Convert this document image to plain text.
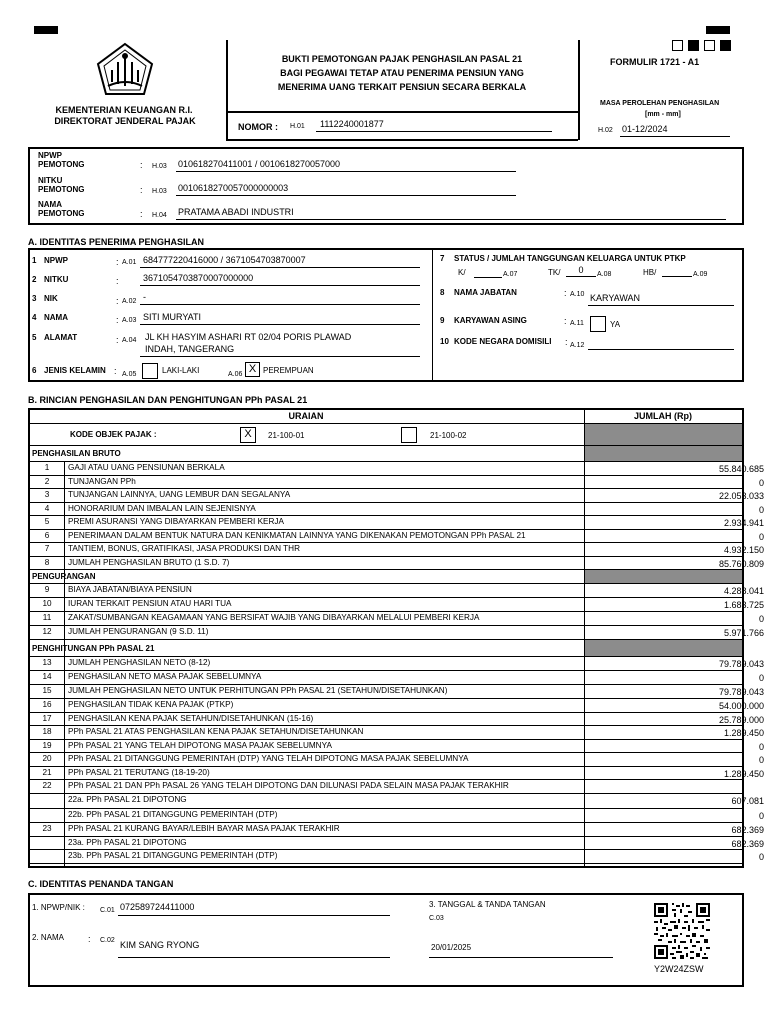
KEMENTERIAN KEUANGAN R.I.
DIREKTORAT JENDERAL PAJAK
BUKTI PEMOTONGAN PAJAK PENGHASILAN PASAL 21
BAGI PEGAWAI TETAP ATAU PENERIMA PENSIUN YANG
MENERIMA UANG TERKAIT PENSIUN SECARA BERKALA
NOMOR : H.01 1112240001877
FORMULIR 1721 - A1
MASA PEROLEHAN PENGHASILAN
[mm - mm]
H.02 01-12/2024
NPWP
PEMOTONG	: H.03 010618270411001 / 0010618270057000
NITKU
PEMOTONG	: H.03 0010618270057000000003
NAMA
PEMOTONG	: H.04 PRATAMA ABADI INDUSTRI
A. IDENTITAS PENERIMA PENGHASILAN
1 NPWP	: A.01 684777220416000 / 3671054703870007
2 NITKU	:	3671054703870007000000
3 NIK	: A.02 -
4 NAMA	: A.03 SITI MURYATI
5 ALAMAT	: A.04 JL KH HASYIM ASHARI RT 02/04 PORIS PLAWAD
INDAH, TANGERANG
6 JENIS KELAMIN : A.05	LAKI-LAKI	A.06 X PEREMPUAN
7 STATUS / JUMLAH TANGGUNGAN KELUARGA UNTUK PTKP
K/	A.07	TK/	0	A.08	HB/	A.09
8 NAMA JABATAN	: A.10 KARYAWAN
9 KARYAWAN ASING	: A.11	YA
10 KODE NEGARA DOMISILI : A.12
B. RINCIAN PENGHASILAN DAN PENGHITUNGAN PPh PASAL 21
URAIAN	JUMLAH (Rp)
KODE OBJEK PAJAK :	X	21-100-01	21-100-02
PENGHASILAN BRUTO
1	GAJI ATAU UANG PENSIUNAN BERKALA	55.840.685
2	TUNJANGAN PPh	0
3	TUNJANGAN LAINNYA, UANG LEMBUR DAN SEGALANYA	22.053.033
4	HONORARIUM DAN IMBALAN LAIN SEJENISNYA	0
5	PREMI ASURANSI YANG DIBAYARKAN PEMBERI KERJA	2.934.941
6	PENERIMAAN DALAM BENTUK NATURA DAN KENIKMATAN LAINNYA YANG DIKENAKAN PEMOTONGAN PPh PASAL 21	0
7	TANTIEM, BONUS, GRATIFIKASI, JASA PRODUKSI DAN THR	4.932.150
8	JUMLAH PENGHASILAN BRUTO (1 S.D. 7)	85.760.809
PENGURANGAN
9	BIAYA JABATAN/BIAYA PENSIUN	4.288.041
10	IURAN TERKAIT PENSIUN ATAU HARI TUA	1.683.725
11	ZAKAT/SUMBANGAN KEAGAMAAN YANG BERSIFAT WAJIB YANG DIBAYARKAN MELALUI PEMBERI KERJA	0
12	JUMLAH PENGURANGAN (9 S.D. 11)	5.971.766
PENGHITUNGAN PPh PASAL 21
13	JUMLAH PENGHASILAN NETO (8-12)	79.789.043
14	PENGHASILAN NETO MASA PAJAK SEBELUMNYA	0
15	JUMLAH PENGHASILAN NETO UNTUK PERHITUNGAN PPh PASAL 21 (SETAHUN/DISETAHUNKAN)	79.789.043
16	PENGHASILAN TIDAK KENA PAJAK (PTKP)	54.000.000
17	PENGHASILAN KENA PAJAK SETAHUN/DISETAHUNKAN (15-16)	25.789.000
18	PPh PASAL 21 ATAS PENGHASILAN KENA PAJAK SETAHUN/DISETAHUNKAN	1.289.450
19	PPh PASAL 21 YANG TELAH DIPOTONG MASA PAJAK SEBELUMNYA	0
20	PPh PASAL 21 DITANGGUNG PEMERINTAH (DTP) YANG TELAH DIPOTONG MASA PAJAK SEBELUMNYA	0
21	PPh PASAL 21 TERUTANG (18-19-20)	1.289.450
22	PPh PASAL 21 DAN PPh PASAL 26 YANG TELAH DIPOTONG DAN DILUNASI PADA SELAIN MASA PAJAK TERAKHIR
22a. PPh PASAL 21 DIPOTONG	607.081
22b. PPh PASAL 21 DITANGGUNG PEMERINTAH (DTP)	0
23	PPh PASAL 21 KURANG BAYAR/LEBIH BAYAR MASA PAJAK TERAKHIR	682.369
23a. PPh PASAL 21 DIPOTONG	682.369
23b. PPh PASAL 21 DITANGGUNG PEMERINTAH (DTP)	0
C. IDENTITAS PENANDA TANGAN
1. NPWP/NIK : C.01 072589724411000
2. NAMA	: C.02 KIM SANG RYONG
3. TANGGAL & TANDA TANGAN
C.03
20/01/2025
Y2W24ZSW
